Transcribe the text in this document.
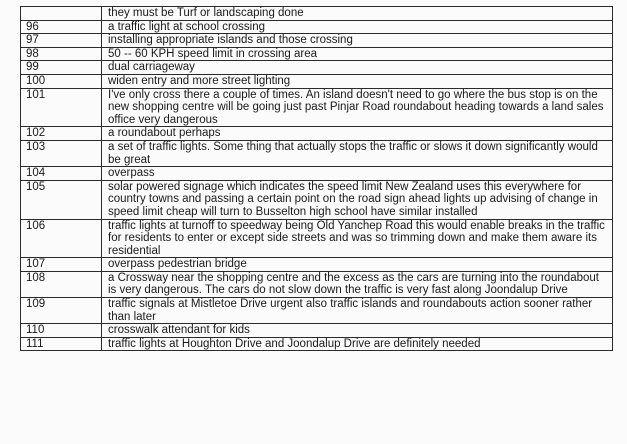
	they must be Turf or landscaping done
96	a traffic light at school crossing
97	installing appropriate islands and those crossing
98	50 -- 60 KPH speed limit in crossing area
99	dual carriageway
100	widen entry and more street lighting
101	I've only cross there a couple of times. An island doesn't need to go where the bus stop is on the new shopping centre will be going just past Pinjar Road roundabout heading towards a land sales office very dangerous
102	a roundabout perhaps
103	a set of traffic lights. Some thing that actually stops the traffic or slows it down significantly would be great
104	overpass
105	solar powered signage which indicates the speed limit New Zealand uses this everywhere for country towns and passing a certain point on the road sign ahead lights up advising of change in speed limit cheap will turn to Busselton high school have similar installed
106	traffic lights at turnoff to speedway being Old Yanchep Road this would enable breaks in the traffic for residents to enter or except side streets and was so trimming down and make them aware its residential
107	overpass pedestrian bridge
108	a Crossway near the shopping centre and the excess as the cars are turning into the roundabout is very dangerous. The cars do not slow down the traffic is very fast along Joondalup Drive
109	traffic signals at Mistletoe Drive urgent also traffic islands and roundabouts action sooner rather than later
110	crosswalk attendant for kids
111	traffic lights at Houghton Drive and Joondalup Drive are definitely needed
